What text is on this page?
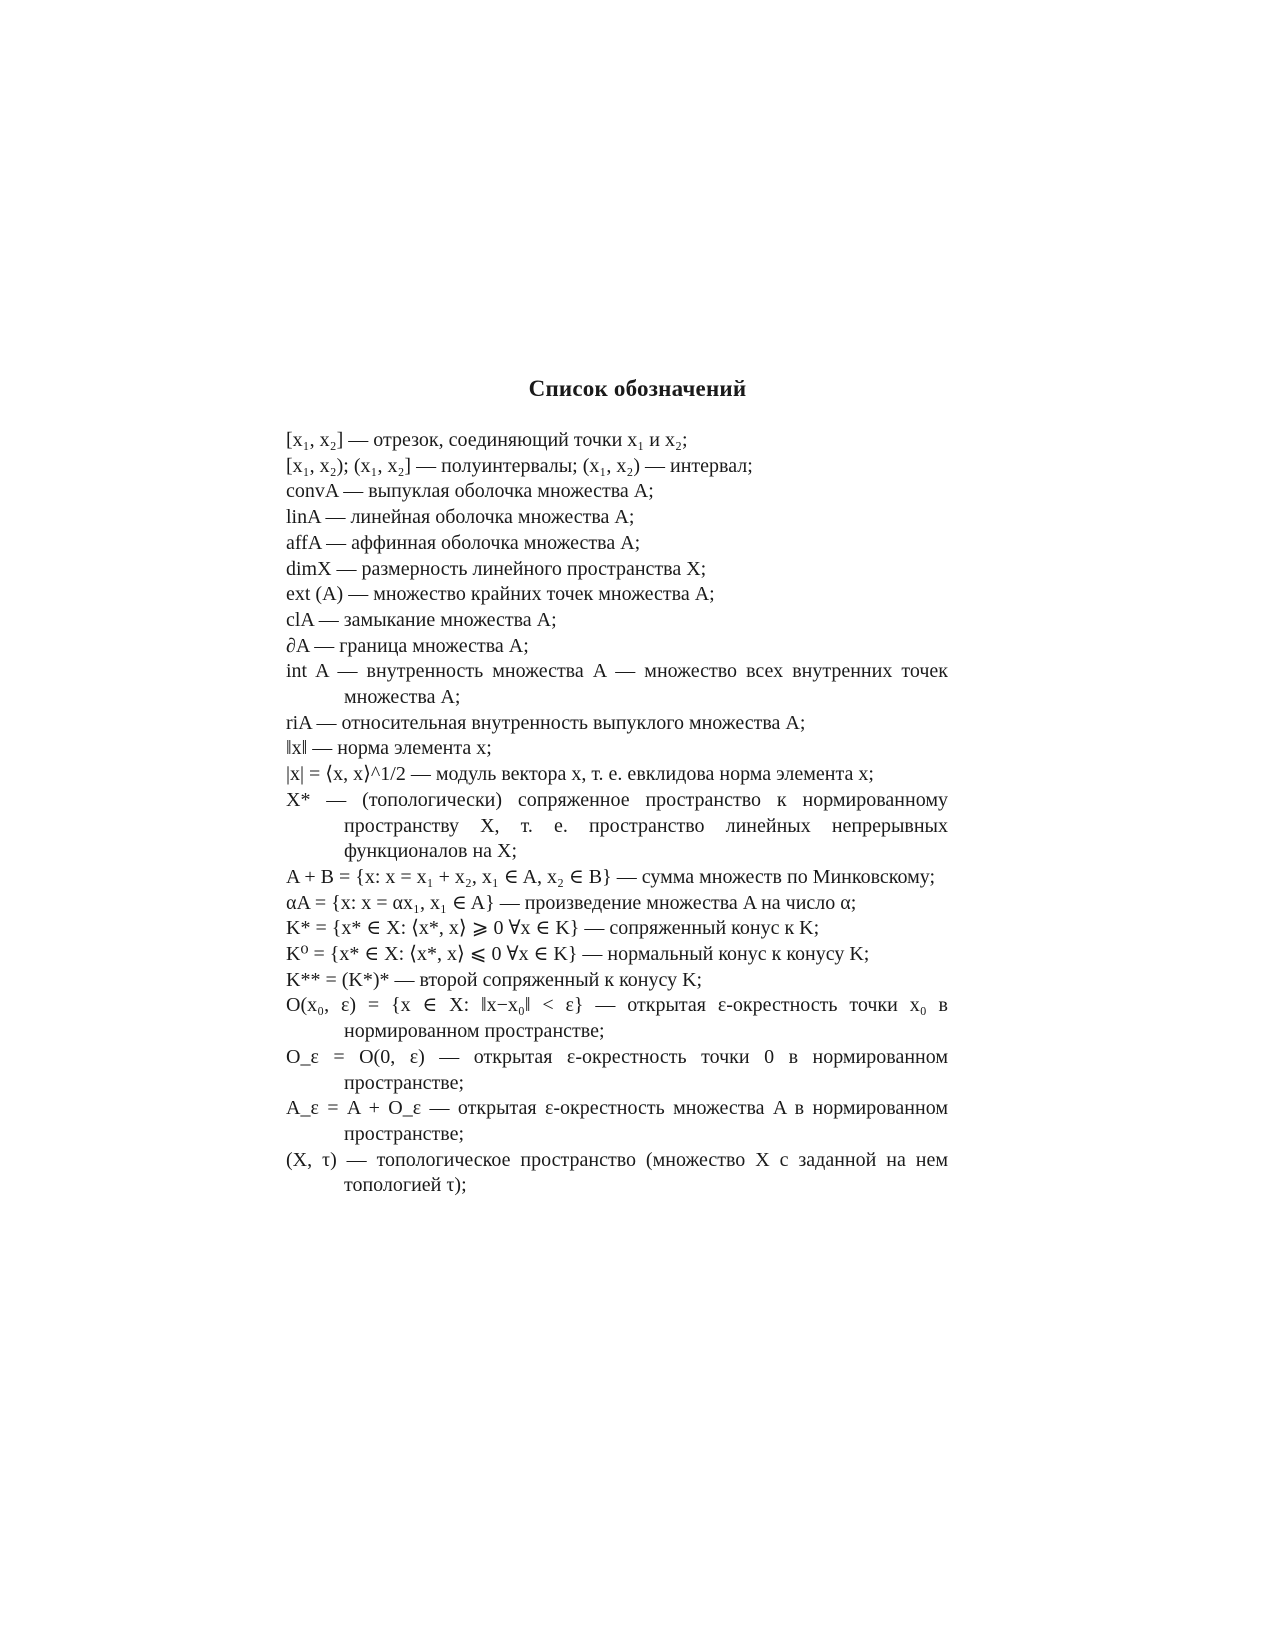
Список обозначений
[x₁, x₂] — отрезок, соединяющий точки x₁ и x₂;
[x₁, x₂); (x₁, x₂] — полуинтервалы; (x₁, x₂) — интервал;
convA — выпуклая оболочка множества A;
linA — линейная оболочка множества A;
affA — аффинная оболочка множества A;
dimX — размерность линейного пространства X;
ext (A) — множество крайних точек множества A;
clA — замыкание множества A;
∂A — граница множества A;
int A — внутренность множества A — множество всех внутренних точек множества A;
riA — относительная внутренность выпуклого множества A;
‖x‖ — норма элемента x;
|x| = ⟨x, x⟩^1/2 — модуль вектора x, т. е. евклидова норма элемента x;
X* — (топологически) сопряженное пространство к нормированному пространству X, т. е. пространство линейных непрерывных функционалов на X;
A + B = {x: x = x₁ + x₂, x₁ ∈ A, x₂ ∈ B} — сумма множеств по Минковскому;
αA = {x: x = αx₁, x₁ ∈ A} — произведение множества A на число α;
K* = {x* ∈ X: ⟨x*, x⟩ ⩾ 0 ∀x ∈ K} — сопряженный конус к K;
K⁰ = {x* ∈ X: ⟨x*, x⟩ ⩽ 0 ∀x ∈ K} — нормальный конус к конусу K;
K** = (K*)* — второй сопряженный к конусу K;
O(x₀, ε) = {x ∈ X: ‖x−x₀‖ < ε} — открытая ε-окрестность точки x₀ в нормированном пространстве;
O_ε = O(0, ε) — открытая ε-окрестность точки 0 в нормированном пространстве;
A_ε = A + O_ε — открытая ε-окрестность множества A в нормированном пространстве;
(X, τ) — топологическое пространство (множество X с заданной на нем топологией τ);
